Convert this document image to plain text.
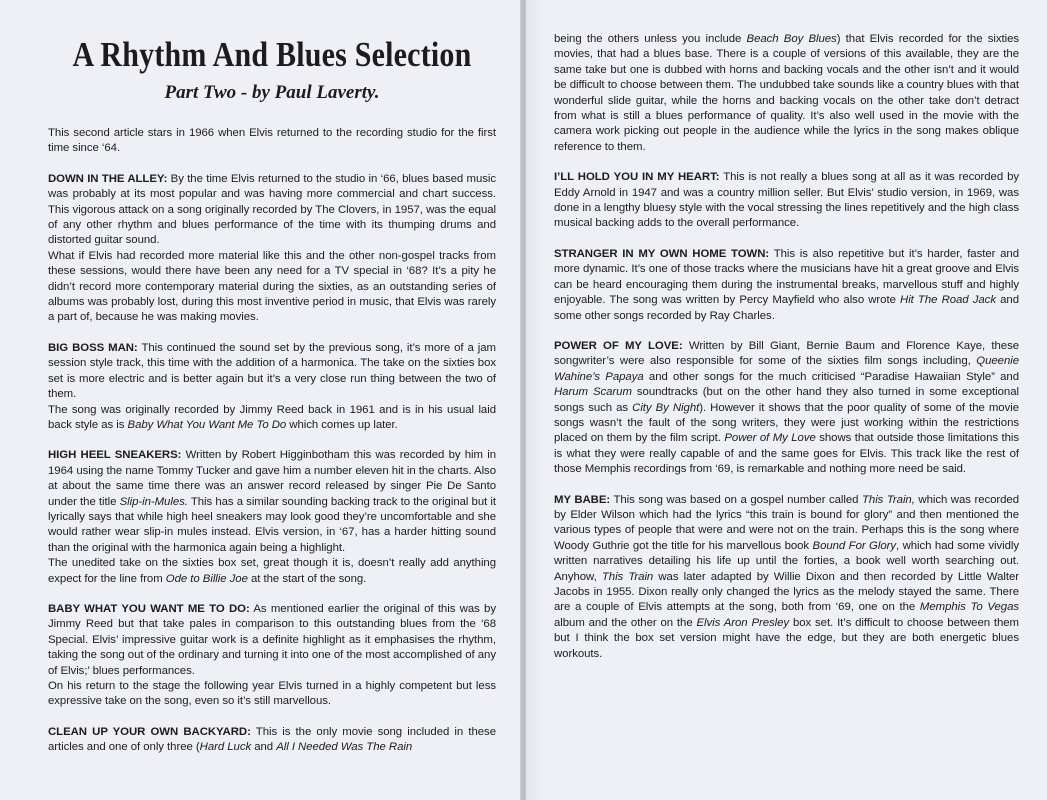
A Rhythm And Blues Selection
Part Two - by Paul Laverty.

This second article stars in 1966 when Elvis returned to the recording studio for the first time since ‘64.

DOWN IN THE ALLEY: By the time Elvis returned to the studio in ‘66, blues based music was probably at its most popular and was having more commercial and chart success. This vigorous attack on a song originally recorded by The Clovers, in 1957, was the equal of any other rhythm and blues performance of the time with its thumping drums and distorted guitar sound.

What if Elvis had recorded more material like this and the other non-gospel tracks from these sessions, would there have been any need for a TV special in ‘68? It’s a pity he didn’t record more contemporary material during the sixties, as an outstanding series of albums was probably lost, during this most inventive period in music, that Elvis was rarely a part of, because he was making movies.

BIG BOSS MAN: This continued the sound set by the previous song, it’s more of a jam session style track, this time with the addition of a harmonica. The take on the sixties box set is more electric and is better again but it’s a very close run thing between the two of them.

The song was originally recorded by Jimmy Reed back in 1961 and is in his usual laid back style as is Baby What You Want Me To Do which comes up later.

HIGH HEEL SNEAKERS: Written by Robert Higginbotham this was recorded by him in 1964 using the name Tommy Tucker and gave him a number eleven hit in the charts. Also at about the same time there was an answer record released by singer Pie De Santo under the title Slip-in-Mules. This has a similar sounding backing track to the original but it lyrically says that while high heel sneakers may look good they’re uncomfortable and she would rather wear slip-in mules instead. Elvis version, in ‘67, has a harder hitting sound than the original with the harmonica again being a highlight.

The unedited take on the sixties box set, great though it is, doesn’t really add anything expect for the line from Ode to Billie Joe at the start of the song.

BABY WHAT YOU WANT ME TO DO: As mentioned earlier the original of this was by Jimmy Reed but that take pales in comparison to this outstanding blues from the ‘68 Special. Elvis’ impressive guitar work is a definite highlight as it emphasises the rhythm, taking the song out of the ordinary and turning it into one of the most accomplished of any of Elvis;’ blues performances.

On his return to the stage the following year Elvis turned in a highly competent but less expressive take on the song, even so it’s still marvellous.

CLEAN UP YOUR OWN BACKYARD: This is the only movie song included in these articles and one of only three (Hard Luck and All I Needed Was The Rain

being the others unless you include Beach Boy Blues) that Elvis recorded for the sixties movies, that had a blues base. There is a couple of versions of this available, they are the same take but one is dubbed with horns and backing vocals and the other isn’t and it would be difficult to choose between them. The undubbed take sounds like a country blues with that wonderful slide guitar, while the horns and backing vocals on the other take don’t detract from what is still a blues performance of quality. It’s also well used in the movie with the camera work picking out people in the audience while the lyrics in the song makes oblique reference to them.

I’LL HOLD YOU IN MY HEART: This is not really a blues song at all as it was recorded by Eddy Arnold in 1947 and was a country million seller. But Elvis’ studio version, in 1969, was done in a lengthy bluesy style with the vocal stressing the lines repetitively and the high class musical backing adds to the overall performance.

STRANGER IN MY OWN HOME TOWN: This is also repetitive but it’s harder, faster and more dynamic. It’s one of those tracks where the musicians have hit a great groove and Elvis can be heard encouraging them during the instrumental breaks, marvellous stuff and highly enjoyable. The song was written by Percy Mayfield who also wrote Hit The Road Jack and some other songs recorded by Ray Charles.

POWER OF MY LOVE: Written by Bill Giant, Bernie Baum and Florence Kaye, these songwriter’s were also responsible for some of the sixties film songs including, Queenie Wahine’s Papaya and other songs for the much criticised “Paradise Hawaiian Style” and Harum Scarum soundtracks (but on the other hand they also turned in some exceptional songs such as City By Night). However it shows that the poor quality of some of the movie songs wasn’t the fault of the song writers, they were just working within the restrictions placed on them by the film script. Power of My Love shows that outside those limitations this is what they were really capable of and the same goes for Elvis. This track like the rest of those Memphis recordings from ‘69, is remarkable and nothing more need be said.

MY BABE: This song was based on a gospel number called This Train, which was recorded by Elder Wilson which had the lyrics “this train is bound for glory” and then mentioned the various types of people that were and were not on the train. Perhaps this is the song where Woody Guthrie got the title for his marvellous book Bound For Glory, which had some vividly written narratives detailing his life up until the forties, a book well worth searching out. Anyhow, This Train was later adapted by Willie Dixon and then recorded by Little Walter Jacobs in 1955. Dixon really only changed the lyrics as the melody stayed the same. There are a couple of Elvis attempts at the song, both from ‘69, one on the Memphis To Vegas album and the other on the Elvis Aron Presley box set. It’s difficult to choose between them but I think the box set version might have the edge, but they are both energetic blues workouts.
